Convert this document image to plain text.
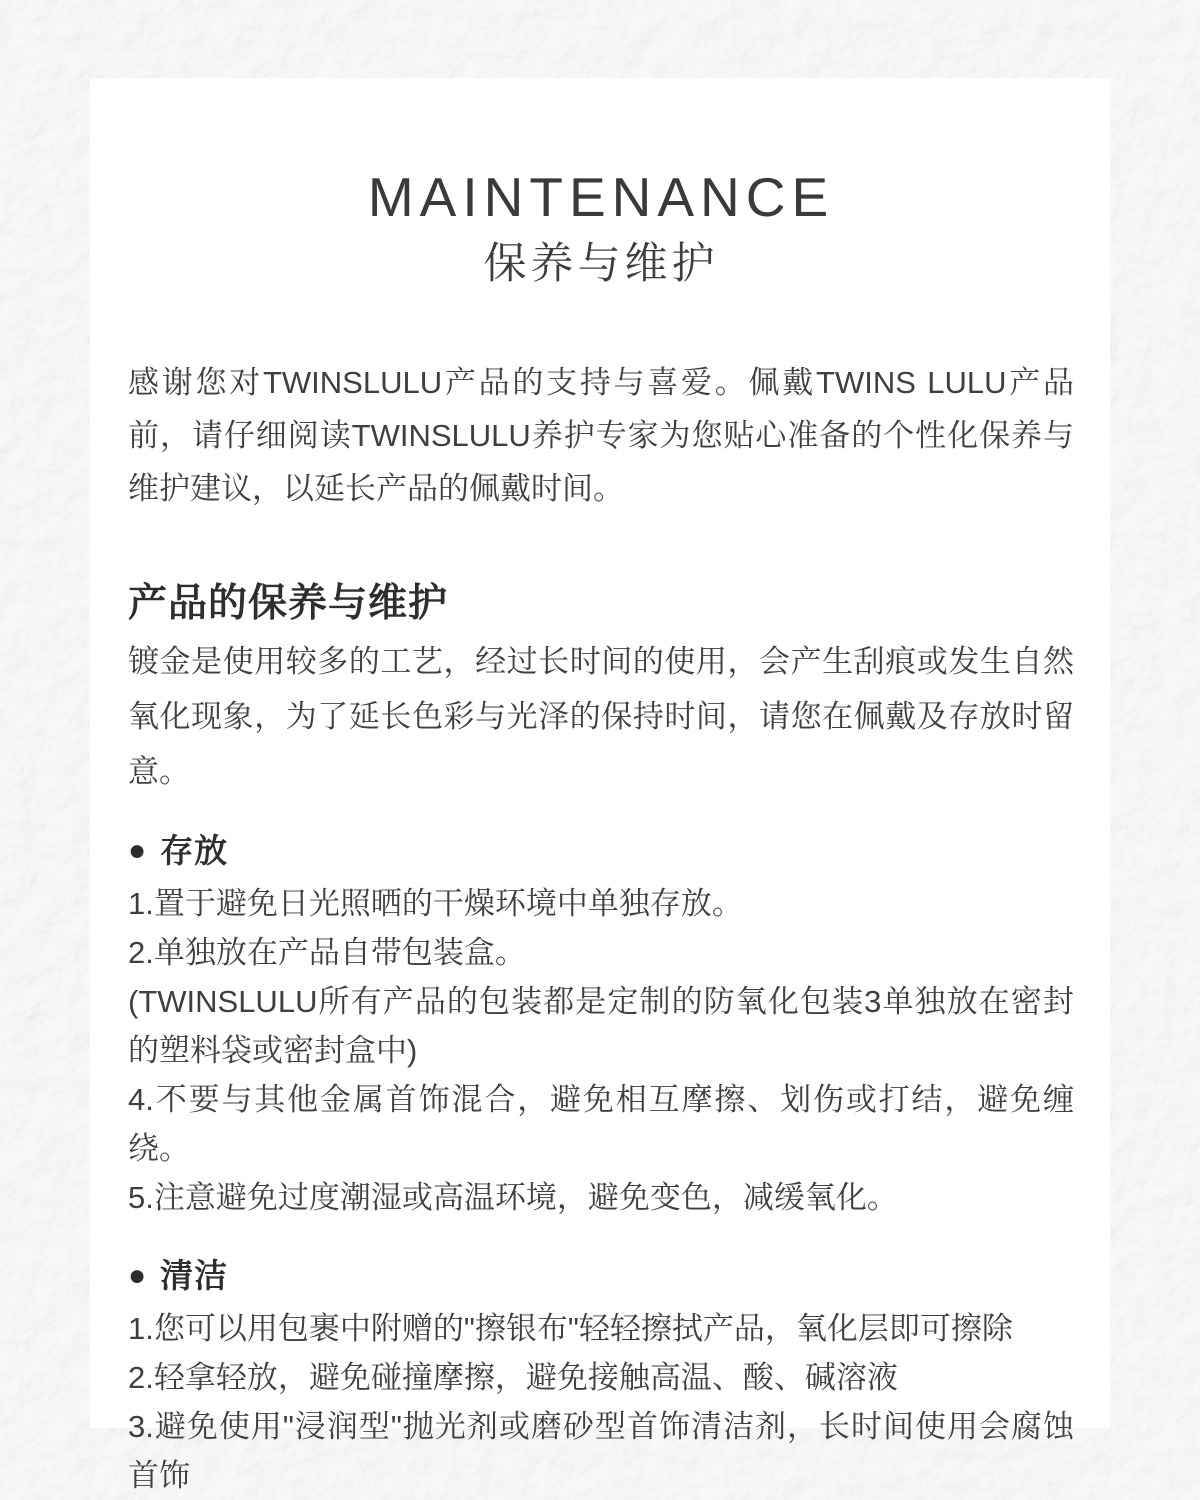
MAINTENANCE
保养与维护

感谢您对TWINSLULU产品的支持与喜爱。佩戴TWINS LULU产品前，请仔细阅读TWINSLULU养护专家为您贴心准备的个性化保养与维护建议，以延长产品的佩戴时间。

产品的保养与维护

镀金是使用较多的工艺，经过长时间的使用，会产生刮痕或发生自然氧化现象，为了延长色彩与光泽的保持时间，请您在佩戴及存放时留意。

● 存放
1.置于避免日光照晒的干燥环境中单独存放。
2.单独放在产品自带包装盒。
(TWINSLULU所有产品的包装都是定制的防氧化包装3单独放在密封的塑料袋或密封盒中)
4.不要与其他金属首饰混合，避免相互摩擦、划伤或打结，避免缠绕。
5.注意避免过度潮湿或高温环境，避免变色，减缓氧化。
● 清洁
1.您可以用包裹中附赠的"擦银布"轻轻擦拭产品，氧化层即可擦除
2.轻拿轻放，避免碰撞摩擦，避免接触高温、酸、碱溶液
3.避免使用"浸润型"抛光剂或磨砂型首饰清洁剂，长时间使用会腐蚀首饰
